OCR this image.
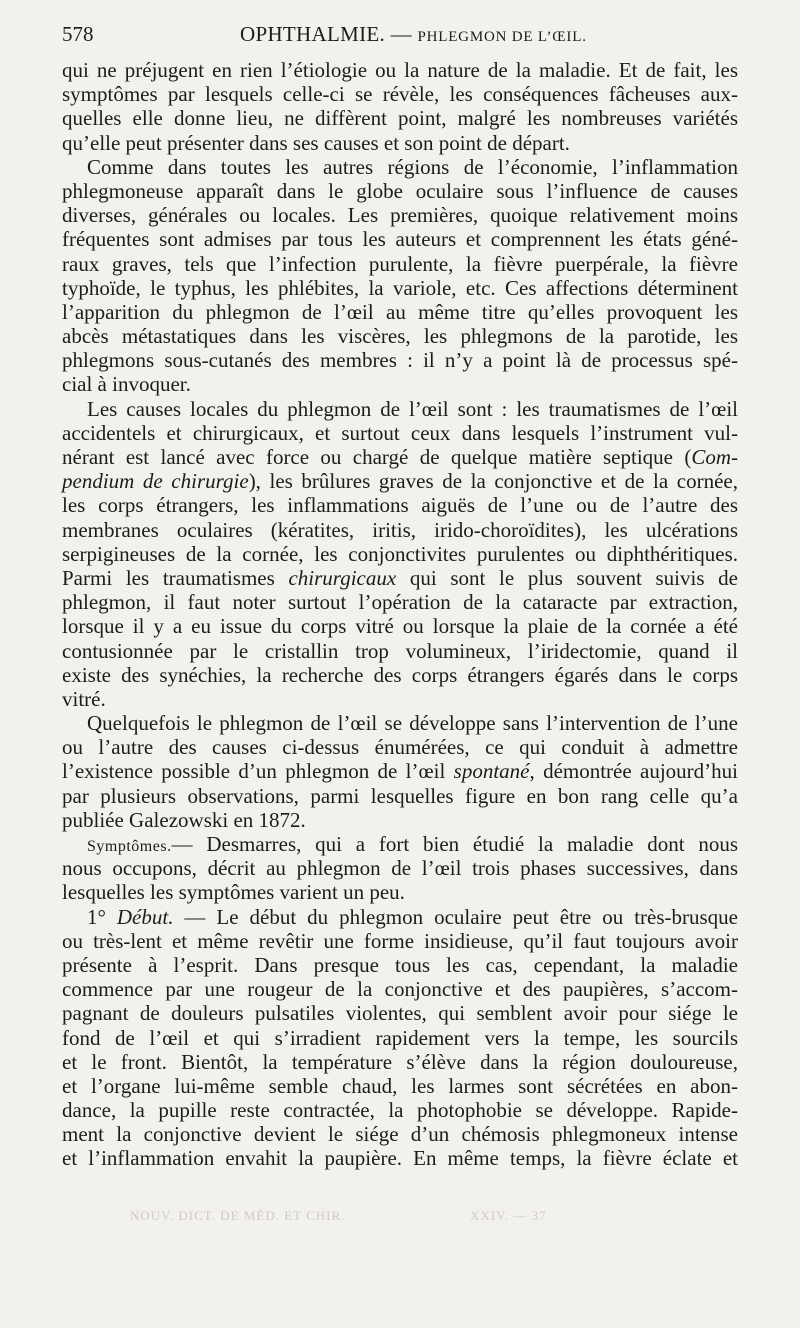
578	OPHTHALMIE. — PHLEGMON DE L’ŒIL.
qui ne préjugent en rien l’étiologie ou la nature de la maladie. Et de fait, les
symptômes par lesquels celle-ci se révèle, les conséquences fâcheuses aux-
quelles elle donne lieu, ne diffèrent point, malgré les nombreuses variétés
qu’elle peut présenter dans ses causes et son point de départ.
Comme dans toutes les autres régions de l’économie, l’inflammation
phlegmoneuse apparaît dans le globe oculaire sous l’influence de causes
diverses, générales ou locales. Les premières, quoique relativement moins
fréquentes sont admises par tous les auteurs et comprennent les états géné-
raux graves, tels que l’infection purulente, la fièvre puerpérale, la fièvre
typhoïde, le typhus, les phlébites, la variole, etc. Ces affections déterminent
l’apparition du phlegmon de l’œil au même titre qu’elles provoquent les
abcès métastatiques dans les viscères, les phlegmons de la parotide, les
phlegmons sous-cutanés des membres : il n’y a point là de processus spé-
cial à invoquer.
Les causes locales du phlegmon de l’œil sont : les traumatismes de l’œil
accidentels et chirurgicaux, et surtout ceux dans lesquels l’instrument vul-
nérant est lancé avec force ou chargé de quelque matière septique (Com-
pendium de chirurgie), les brûlures graves de la conjonctive et de la cornée,
les corps étrangers, les inflammations aiguës de l’une ou de l’autre des
membranes oculaires (kératites, iritis, irido-choroïdites), les ulcérations
serpigineuses de la cornée, les conjonctivites purulentes ou diphthéritiques.
Parmi les traumatismes chirurgicaux qui sont le plus souvent suivis de
phlegmon, il faut noter surtout l’opération de la cataracte par extraction,
lorsque il y a eu issue du corps vitré ou lorsque la plaie de la cornée a été
contusionnée par le cristallin trop volumineux, l’iridectomie, quand il
existe des synéchies, la recherche des corps étrangers égarés dans le corps
vitré.
Quelquefois le phlegmon de l’œil se développe sans l’intervention de l’une
ou l’autre des causes ci-dessus énumérées, ce qui conduit à admettre
l’existence possible d’un phlegmon de l’œil spontané, démontrée aujourd’hui
par plusieurs observations, parmi lesquelles figure en bon rang celle qu’a
publiée Galezowski en 1872.
Symptômes.— Desmarres, qui a fort bien étudié la maladie dont nous
nous occupons, décrit au phlegmon de l’œil trois phases successives, dans
lesquelles les symptômes varient un peu.
1° Début. — Le début du phlegmon oculaire peut être ou très-brusque
ou très-lent et même revêtir une forme insidieuse, qu’il faut toujours avoir
présente à l’esprit. Dans presque tous les cas, cependant, la maladie
commence par une rougeur de la conjonctive et des paupières, s’accom-
pagnant de douleurs pulsatiles violentes, qui semblent avoir pour siége le
fond de l’œil et qui s’irradient rapidement vers la tempe, les sourcils
et le front. Bientôt, la température s’élève dans la région douloureuse,
et l’organe lui-même semble chaud, les larmes sont sécrétées en abon-
dance, la pupille reste contractée, la photophobie se développe. Rapide-
ment la conjonctive devient le siége d’un chémosis phlegmoneux intense
et l’inflammation envahit la paupière. En même temps, la fièvre éclate et
XXIV. — 37
NOUV. DICT. DE MÉD. ET CHIR.
